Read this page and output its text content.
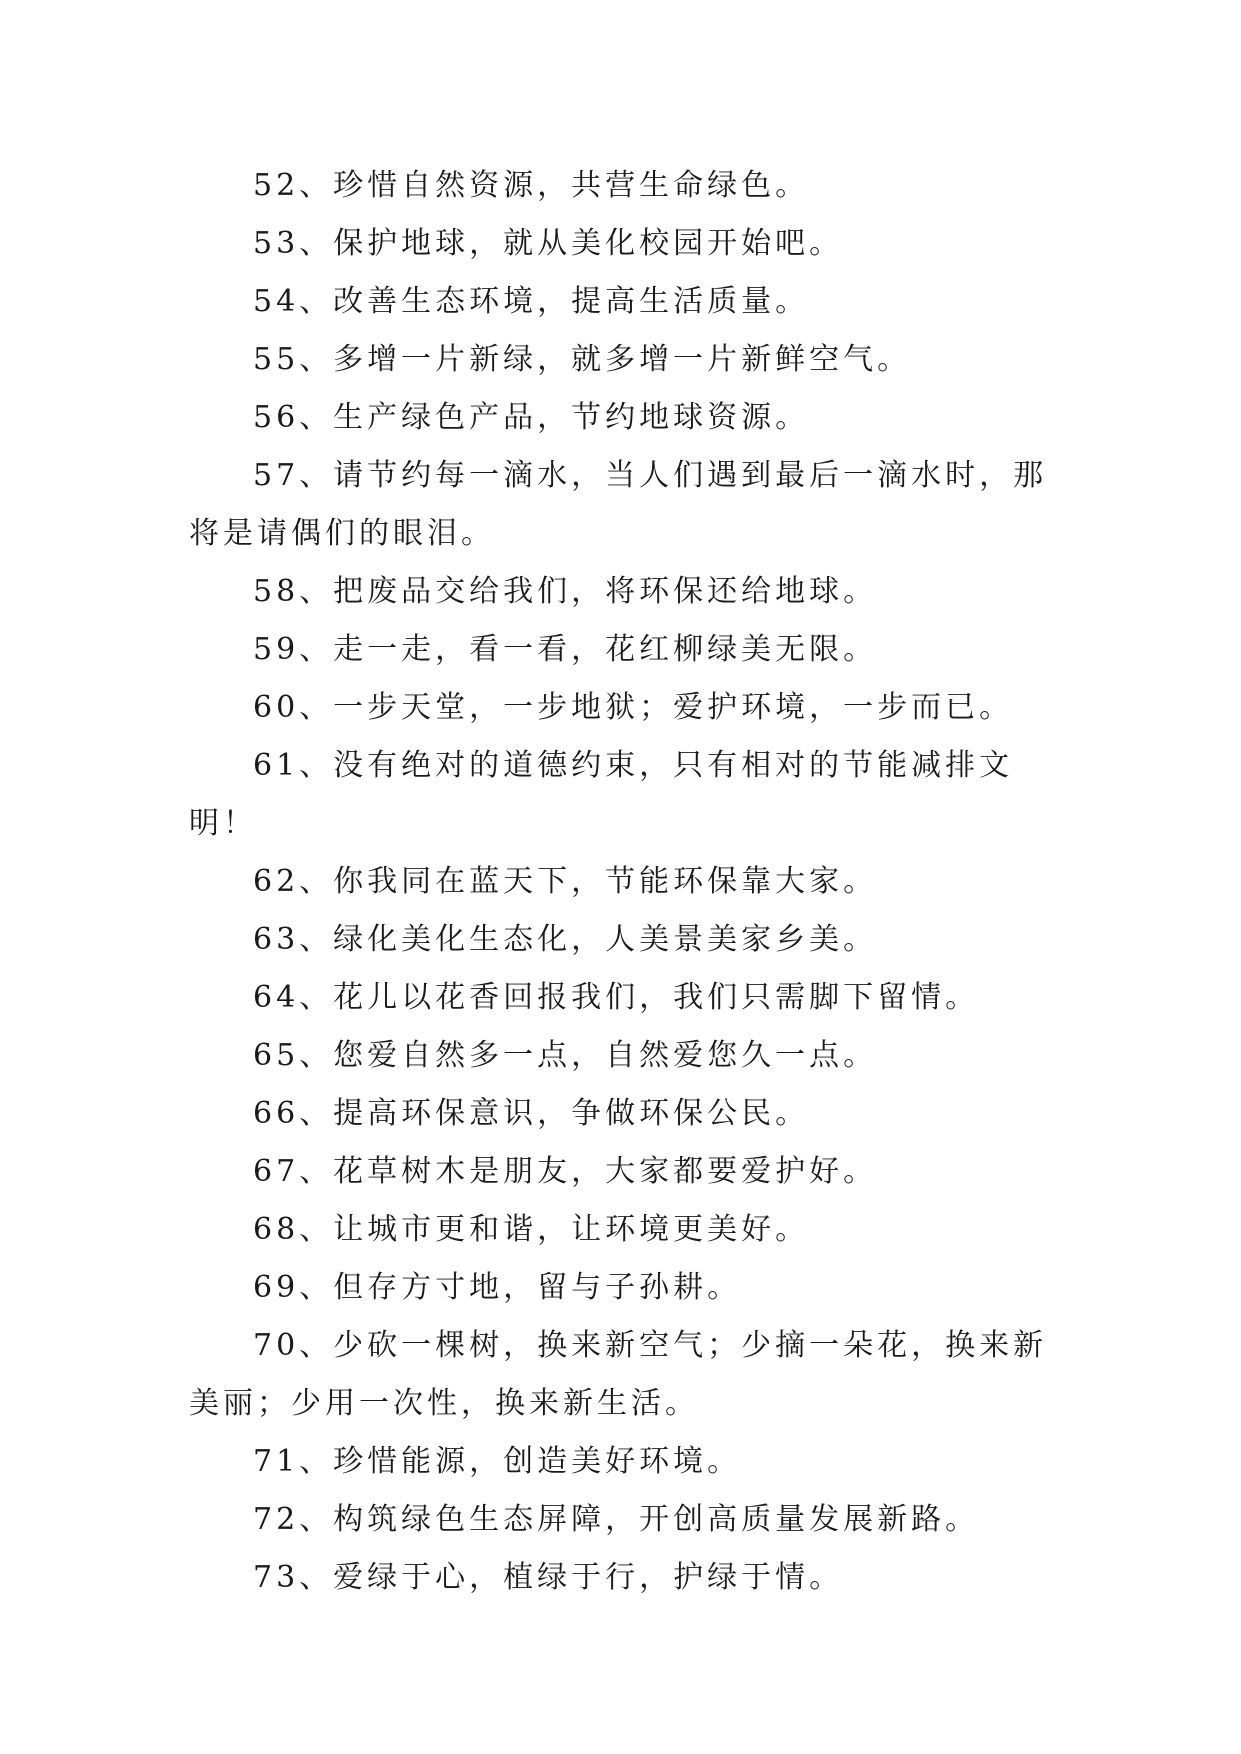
52、珍惜自然资源，共营生命绿色。

53、保护地球，就从美化校园开始吧。

54、改善生态环境，提高生活质量。

55、多增一片新绿，就多增一片新鲜空气。

56、生产绿色产品，节约地球资源。

57、请节约每一滴水，当人们遇到最后一滴水时，那将是请偶们的眼泪。

58、把废品交给我们，将环保还给地球。

59、走一走，看一看，花红柳绿美无限。

60、一步天堂，一步地狱；爱护环境，一步而已。

61、没有绝对的道德约束，只有相对的节能减排文明！

62、你我同在蓝天下，节能环保靠大家。

63、绿化美化生态化，人美景美家乡美。

64、花儿以花香回报我们，我们只需脚下留情。

65、您爱自然多一点，自然爱您久一点。

66、提高环保意识，争做环保公民。

67、花草树木是朋友，大家都要爱护好。

68、让城市更和谐，让环境更美好。

69、但存方寸地，留与子孙耕。

70、少砍一棵树，换来新空气；少摘一朵花，换来新美丽；少用一次性，换来新生活。

71、珍惜能源，创造美好环境。

72、构筑绿色生态屏障，开创高质量发展新路。

73、爱绿于心，植绿于行，护绿于情。
